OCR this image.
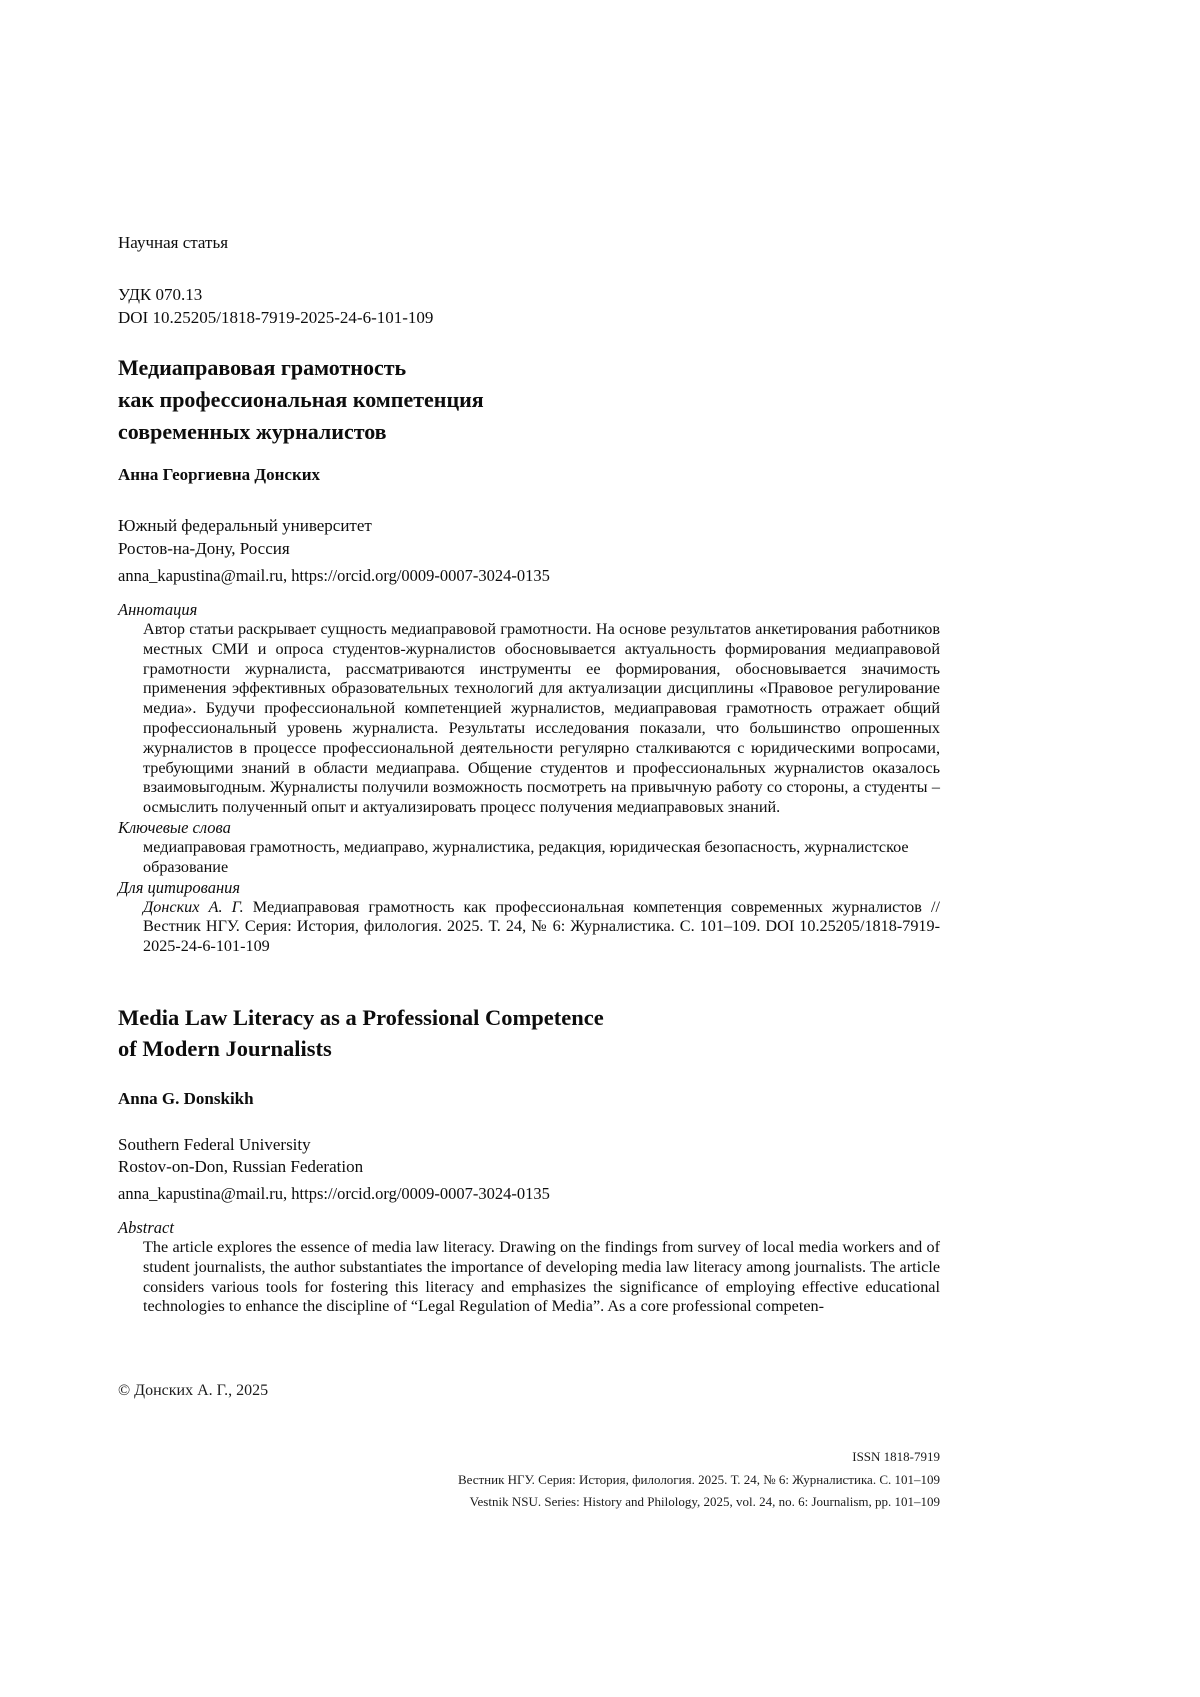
Научная статья
УДК 070.13
DOI 10.25205/1818-7919-2025-24-6-101-109
Медиаправовая грамотность
как профессиональная компетенция
современных журналистов
Анна Георгиевна Донских
Южный федеральный университет
Ростов-на-Дону, Россия
anna_kapustina@mail.ru, https://orcid.org/0009-0007-3024-0135
Аннотация
Автор статьи раскрывает сущность медиаправовой грамотности. На основе результатов анкетирования работников местных СМИ и опроса студентов-журналистов обосновывается актуальность формирования медиаправовой грамотности журналиста, рассматриваются инструменты ее формирования, обосновывается значимость применения эффективных образовательных технологий для актуализации дисциплины «Правовое регулирование медиа». Будучи профессиональной компетенцией журналистов, медиаправовая грамотность отражает общий профессиональный уровень журналиста. Результаты исследования показали, что большинство опрошенных журналистов в процессе профессиональной деятельности регулярно сталкиваются с юридическими вопросами, требующими знаний в области медиаправа. Общение студентов и профессиональных журналистов оказалось взаимовыгодным. Журналисты получили возможность посмотреть на привычную работу со стороны, а студенты – осмыслить полученный опыт и актуализировать процесс получения медиаправовых знаний.
Ключевые слова
медиаправовая грамотность, медиаправо, журналистика, редакция, юридическая безопасность, журналистское образование
Для цитирования
Донских А. Г. Медиаправовая грамотность как профессиональная компетенция современных журналистов // Вестник НГУ. Серия: История, филология. 2025. Т. 24, № 6: Журналистика. С. 101–109. DOI 10.25205/1818-7919-2025-24-6-101-109
Media Law Literacy as a Professional Competence
of Modern Journalists
Anna G. Donskikh
Southern Federal University
Rostov-on-Don, Russian Federation
anna_kapustina@mail.ru, https://orcid.org/0009-0007-3024-0135
Abstract
The article explores the essence of media law literacy. Drawing on the findings from survey of local media workers and of student journalists, the author substantiates the importance of developing media law literacy among journalists. The article considers various tools for fostering this literacy and emphasizes the significance of employing effective educational technologies to enhance the discipline of “Legal Regulation of Media”. As a core professional competen-
© Донских А. Г., 2025
ISSN 1818-7919
Вестник НГУ. Серия: История, филология. 2025. Т. 24, № 6: Журналистика. С. 101–109
Vestnik NSU. Series: History and Philology, 2025, vol. 24, no. 6: Journalism, pp. 101–109
